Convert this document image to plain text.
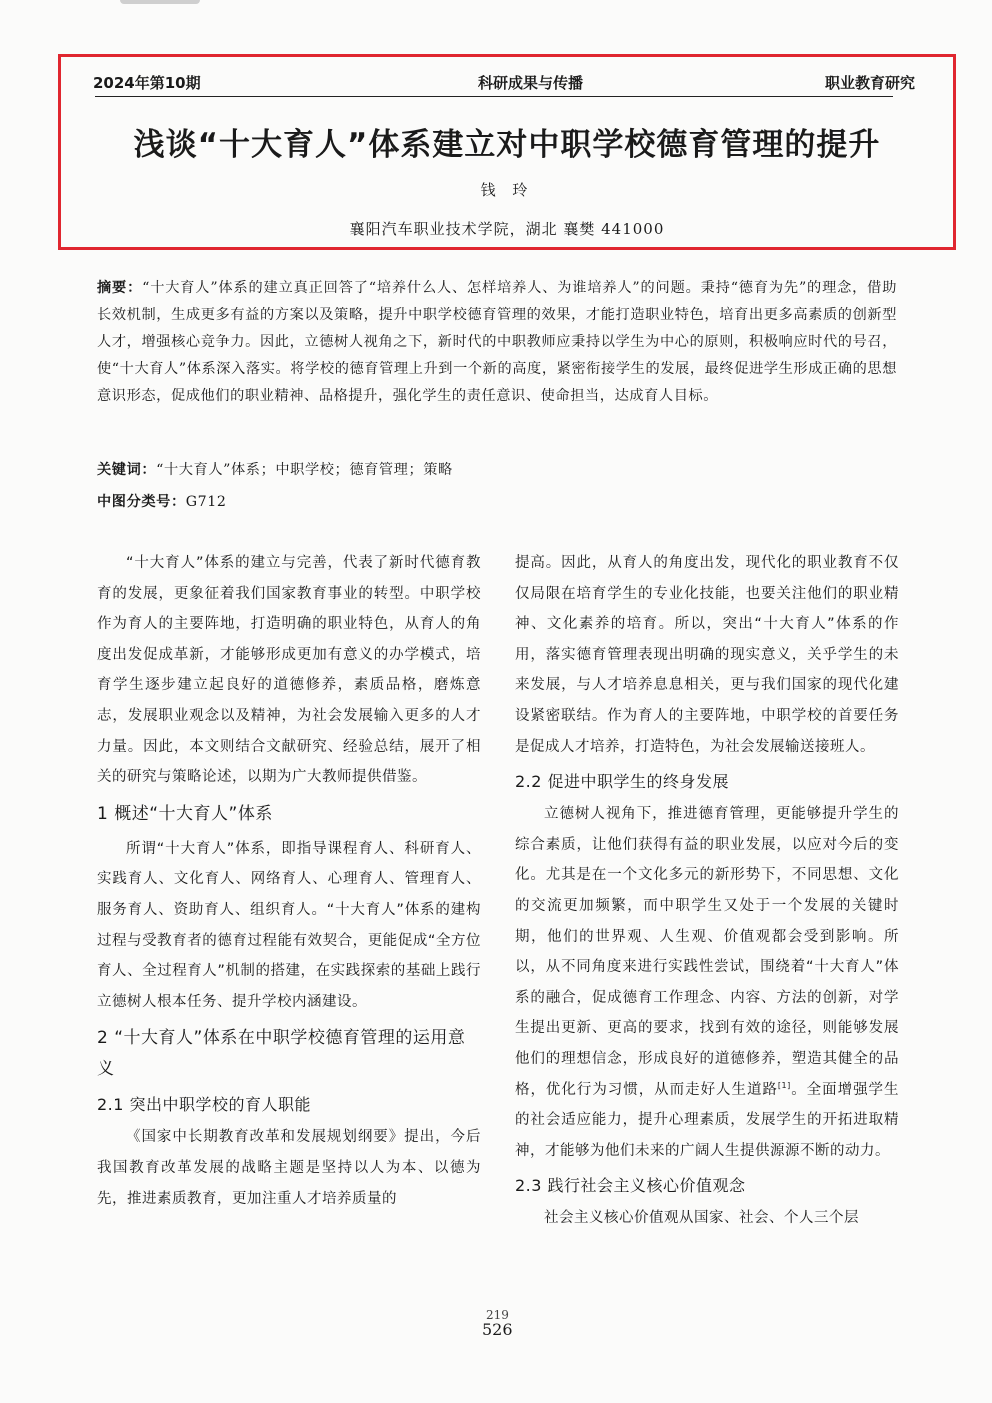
2024年第10期	科研成果与传播	职业教育研究
浅谈“十大育人”体系建立对中职学校德育管理的提升
钱 玲
襄阳汽车职业技术学院，湖北 襄樊 441000

摘要：“十大育人”体系的建立真正回答了“培养什么人、怎样培养人、为谁培养人”的问题。秉持“德育为先”的理念，借助长效机制，生成更多有益的方案以及策略，提升中职学校德育管理的效果，才能打造职业特色，培育出更多高素质的创新型人才，增强核心竞争力。因此，立德树人视角之下，新时代的中职教师应秉持以学生为中心的原则，积极响应时代的号召，使“十大育人”体系深入落实。将学校的德育管理上升到一个新的高度，紧密衔接学生的发展，最终促进学生形成正确的思想意识形态，促成他们的职业精神、品格提升，强化学生的责任意识、使命担当，达成育人目标。

关键词：“十大育人”体系；中职学校；德育管理；策略
中图分类号：G712

“十大育人”体系的建立与完善，代表了新时代德育教育的发展，更象征着我们国家教育事业的转型。中职学校作为育人的主要阵地，打造明确的职业特色，从育人的角度出发促成革新，才能够形成更加有意义的办学模式，培育学生逐步建立起良好的道德修养，素质品格，磨炼意志，发展职业观念以及精神，为社会发展输入更多的人才力量。因此，本文则结合文献研究、经验总结，展开了相关的研究与策略论述，以期为广大教师提供借鉴。

1 概述“十大育人”体系

所谓“十大育人”体系，即指导课程育人、科研育人、实践育人、文化育人、网络育人、心理育人、管理育人、服务育人、资助育人、组织育人。“十大育人”体系的建构过程与受教育者的德育过程能有效契合，更能促成“全方位育人、全过程育人”机制的搭建，在实践探索的基础上践行立德树人根本任务、提升学校内涵建设。

2 “十大育人”体系在中职学校德育管理的运用意义
2.1 突出中职学校的育人职能

《国家中长期教育改革和发展规划纲要》提出，今后我国教育改革发展的战略主题是坚持以人为本、以德为先，推进素质教育，更加注重人才培养质量的

提高。因此，从育人的角度出发，现代化的职业教育不仅仅局限在培育学生的专业化技能，也要关注他们的职业精神、文化素养的培育。所以，突出“十大育人”体系的作用，落实德育管理表现出明确的现实意义，关乎学生的未来发展，与人才培养息息相关，更与我们国家的现代化建设紧密联结。作为育人的主要阵地，中职学校的首要任务是促成人才培养，打造特色，为社会发展输送接班人。

2.2 促进中职学生的终身发展

立德树人视角下，推进德育管理，更能够提升学生的综合素质，让他们获得有益的职业发展，以应对今后的变化。尤其是在一个文化多元的新形势下，不同思想、文化的交流更加频繁，而中职学生又处于一个发展的关键时期，他们的世界观、人生观、价值观都会受到影响。所以，从不同角度来进行实践性尝试，围绕着“十大育人”体系的融合，促成德育工作理念、内容、方法的创新，对学生提出更新、更高的要求，找到有效的途径，则能够发展他们的理想信念，形成良好的道德修养，塑造其健全的品格，优化行为习惯，从而走好人生道路[1]。全面增强学生的社会适应能力，提升心理素质，发展学生的开拓进取精神，才能够为他们未来的广阔人生提供源源不断的动力。

2.3 践行社会主义核心价值观念

社会主义核心价值观从国家、社会、个人三个层

219
526
